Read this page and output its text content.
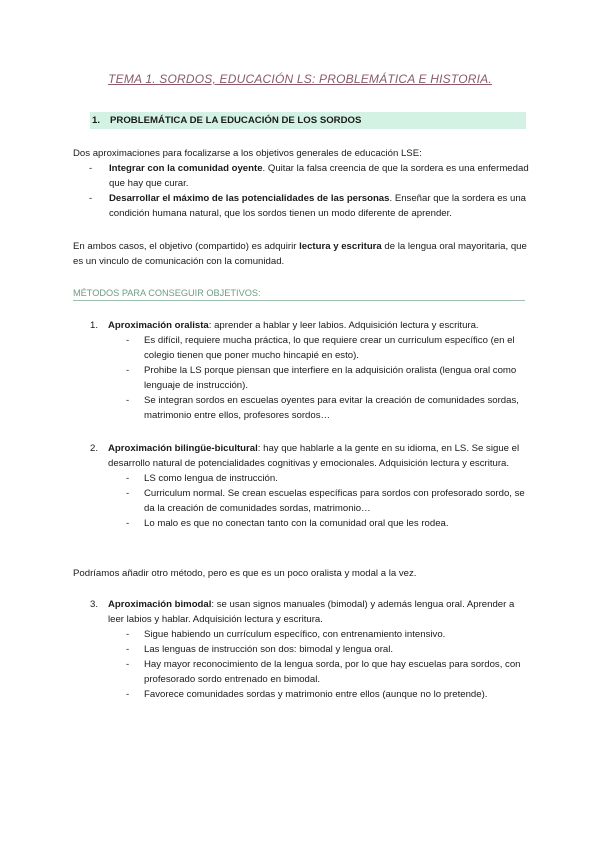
TEMA 1. SORDOS, EDUCACIÓN LS: PROBLEMÁTICA E HISTORIA.
1. PROBLEMÁTICA DE LA EDUCACIÓN DE LOS SORDOS

Dos aproximaciones para focalizarse a los objetivos generales de educación LSE:

- Integrar con la comunidad oyente. Quitar la falsa creencia de que la sordera es una enfermedad que hay que curar.
- Desarrollar el máximo de las potencialidades de las personas. Enseñar que la sordera es una condición humana natural, que los sordos tienen un modo diferente de aprender.

En ambos casos, el objetivo (compartido) es adquirir lectura y escritura de la lengua oral mayoritaria, que es un vinculo de comunicación con la comunidad.

MÉTODOS PARA CONSEGUIR OBJETIVOS:
1. Aproximación oralista: aprender a hablar y leer labios. Adquisición lectura y escritura.
- Es difícil, requiere mucha práctica, lo que requiere crear un curriculum específico (en el colegio tienen que poner mucho hincapié en esto).
- Prohibe la LS porque piensan que interfiere en la adquisición oralista (lengua oral como lenguaje de instrucción).
- Se integran sordos en escuelas oyentes para evitar la creación de comunidades sordas, matrimonio entre ellos, profesores sordos…
2. Aproximación bilingüe-bicultural: hay que hablarle a la gente en su idioma, en LS. Se sigue el desarrollo natural de potencialidades cognitivas y emocionales. Adquisición lectura y escritura.
- LS como lengua de instrucción.
- Curriculum normal. Se crean escuelas específicas para sordos con profesorado sordo, se da la creación de comunidades sordas, matrimonio…
- Lo malo es que no conectan tanto con la comunidad oral que les rodea.

Podríamos añadir otro método, pero es que es un poco oralista y modal a la vez.

3. Aproximación bimodal: se usan signos manuales (bimodal) y además lengua oral. Aprender a leer labios y hablar. Adquisición lectura y escritura.
- Sigue habiendo un currículum específico, con entrenamiento intensivo.
- Las lenguas de instrucción son dos: bimodal y lengua oral.
- Hay mayor reconocimiento de la lengua sorda, por lo que hay escuelas para sordos, con profesorado sordo entrenado en bimodal.
- Favorece comunidades sordas y matrimonio entre ellos (aunque no lo pretende).
